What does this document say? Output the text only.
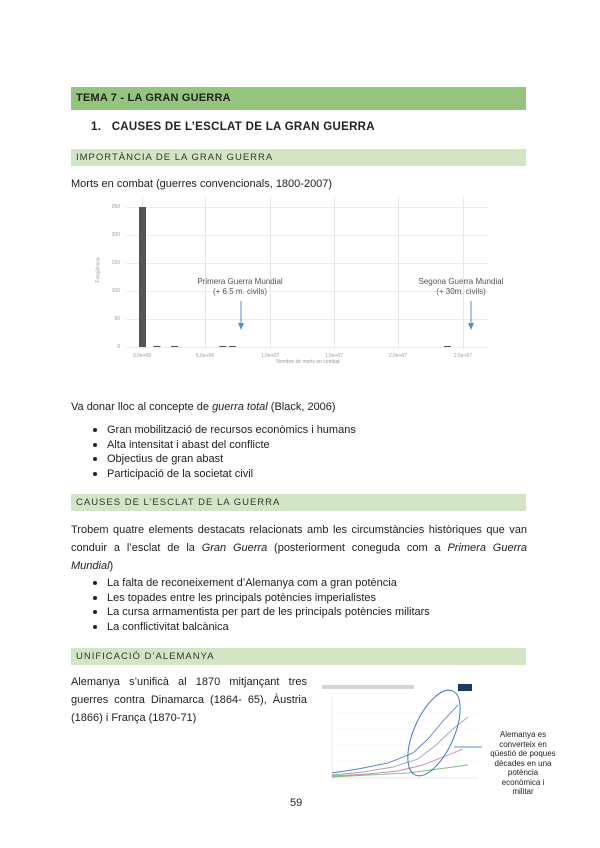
TEMA 7 - LA GRAN GUERRA
1. CAUSES DE L’ESCLAT DE LA GRAN GUERRA
IMPORTÀNCIA DE LA GRAN GUERRA
Morts en combat (guerres convencionals, 1800-2007)
250
200
150
100
50
0
Freqüència
0.0e+00	5.0e+06	1.0e+07	1.5e+07	2.0e+07	2.5e+07
Nombre de morts en combat
Primera Guerra Mundial
(+ 6.5 m. civils)
Segona Guerra Mundial
(+ 30m. civils)
Va donar lloc al concepte de guerra total (Black, 2006)
Gran mobilització de recursos econòmics i humans
Alta intensitat i abast del conflicte
Objectius de gran abast
Participació de la societat civil
CAUSES DE L’ESCLAT DE LA GUERRA
Trobem quatre elements destacats relacionats amb les circumstàncies històriques que van conduir a l’esclat de la Gran Guerra (posteriorment coneguda com a Primera Guerra Mundial)
La falta de reconeixement d’Alemanya com a gran potència
Les topades entre les principals potències imperialistes
La cursa armamentista per part de les principals potències militars
La conflictivitat balcànica
UNIFICACIÓ D’ALEMANYA
Alemanya s’unificà al 1870 mitjançant tres guerres contra Dinamarca (1864- 65), Àustria (1866) i França (1870-71)
Alemanya es converteix en qüestió de poques dècades en una potència econòmica i militar
59
